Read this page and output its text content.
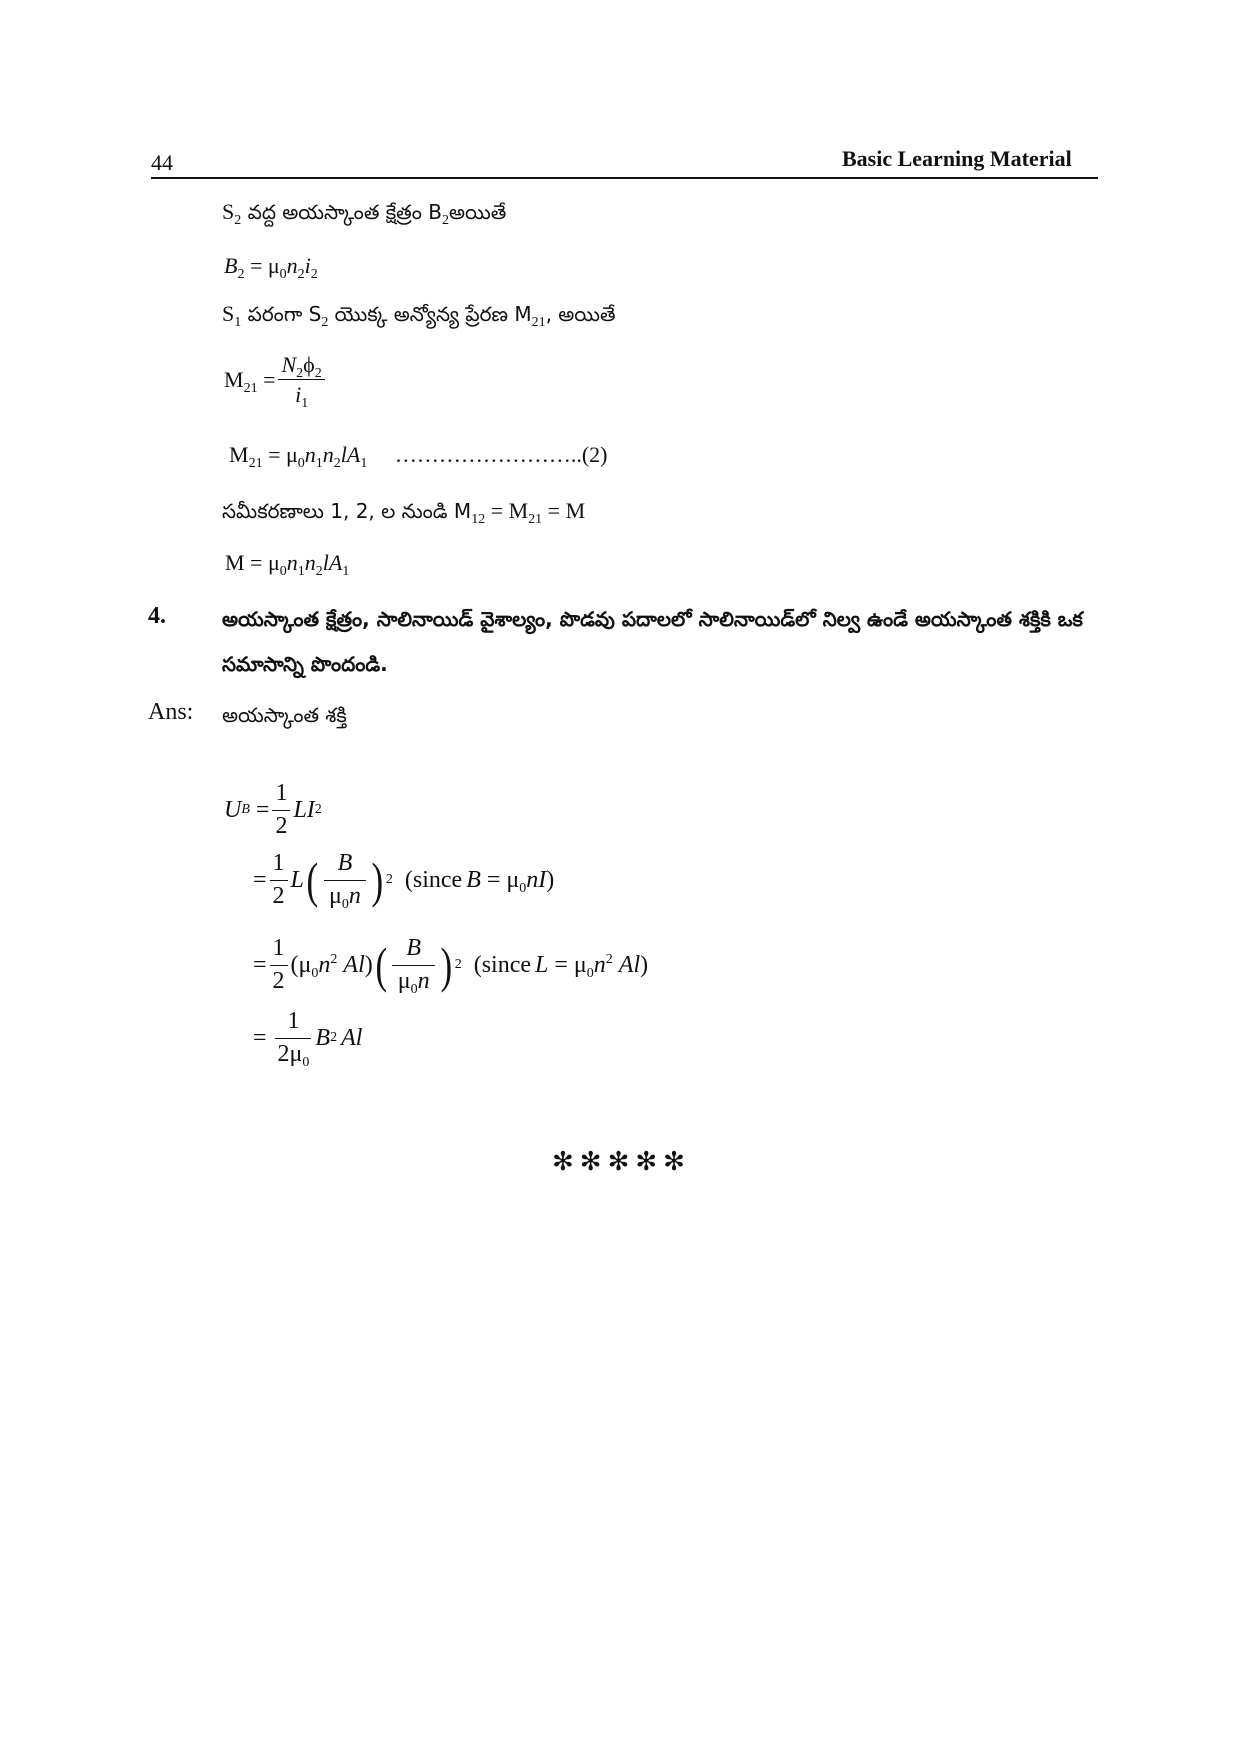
44	Basic Learning Material
$S_2$ వద్ద అయస్కాంత క్షేత్రం $B_2అయితే$
$B_2 = \mu_0n_2i_2$
$S_1$ పరంగా $S_2$ యొక్క అన్యోన్య ప్రేరణ $M_{21}$, అయితే
$M_{21} = \frac{N_2\phi_2}{i_1}$
$M_{21} = \mu_0n_1n_2lA_1$ ……………………..(2)
సమీకరణాలు 1, 2, ల నుండి $M_{12} = M_{21} = M$
$M = \mu_0n_1n_2lA_1$
4.	అయస్కాంత క్షేత్రం, సాలినాయిడ్ వైశాల్యం, పొడవు పదాలలో సాలినాయిడ్‌లో నిల్వ ఉండే అయస్కాంత శక్తికి ఒక
సమాసాన్ని పొందండి.
Ans: అయస్కాంత శక్తి
U $B = \frac{1}{2}$ LI 2
= $\frac{1}{2}$ L ( $\frac{B}{\mu_0n}$ ) 2 (since $B = \mu_0nI$)
= $\frac{1}{2} (\mu_0n^2$ Al) ( $\frac{B}{\mu_0n}$ ) 2 (since $L = \mu_0n^2$ Al)
= $\frac{1}{2\mu_0}$ B 2 Al
✻✻✻✻✻
